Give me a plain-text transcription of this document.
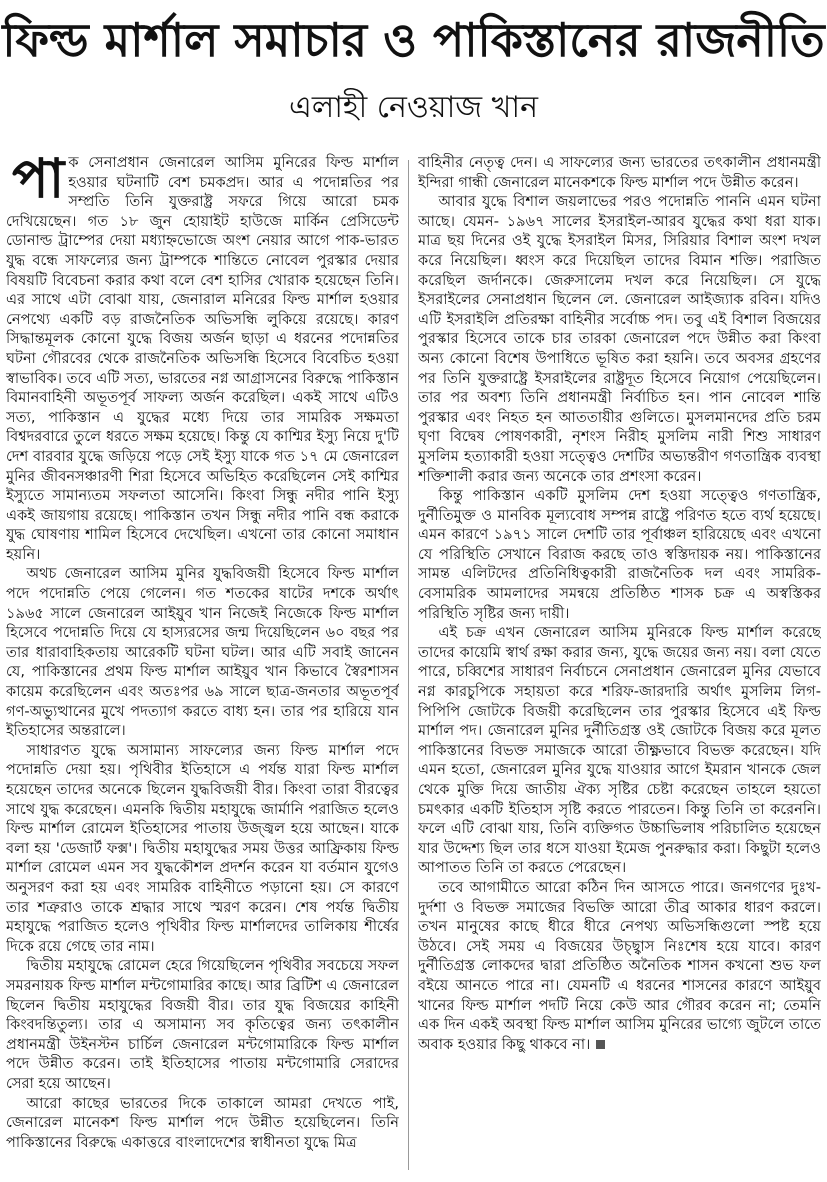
ফিল্ড মার্শাল সমাচার ও পাকিস্তানের রাজনীতি
এলাহী নেওয়াজ খান

পাক সেনাপ্রধান জেনারেল আসিম মুনিরের ফিল্ড মার্শাল হওয়ার ঘটনাটি বেশ চমকপ্রদ। আর এ পদোন্নতির পর সম্প্রতি তিনি যুক্তরাষ্ট্র সফরে গিয়ে আরো চমক দেখিয়েছেন। গত ১৮ জুন হোয়াইট হাউজে মার্কিন প্রেসিডেন্ট ডোনাল্ড ট্রাম্পের দেয়া মধ্যাহ্নভোজে অংশ নেয়ার আগে পাক-ভারত যুদ্ধ বন্ধে সাফল্যের জন্য ট্রাম্পকে শান্তিতে নোবেল পুরস্কার দেয়ার বিষয়টি বিবেচনা করার কথা বলে বেশ হাসির খোরাক হয়েছেন তিনি। এর সাথে এটা বোঝা যায়, জেনারাল মনিরের ফিল্ড মার্শাল হওয়ার নেপথ্যে একটি বড় রাজনৈতিক অভিসন্ধি লুকিয়ে রয়েছে। কারণ সিদ্ধান্তমূলক কোনো যুদ্ধে বিজয় অর্জন ছাড়া এ ধরনের পদোন্নতির ঘটনা গৌরবের থেকে রাজনৈতিক অভিসন্ধি হিসেবে বিবেচিত হওয়া স্বাভাবিক। তবে এটি সত্য, ভারতের নগ্ন আগ্রাসনের বিরুদ্ধে পাকিস্তান বিমানবাহিনী অভূতপূর্ব সাফল্য অর্জন করেছিল। একই সাথে এটিও সত্য, পাকিস্তান এ যুদ্ধের মধ্যে দিয়ে তার সামরিক সক্ষমতা বিশ্বদরবারে তুলে ধরতে সক্ষম হয়েছে। কিন্তু যে কাশ্মির ইস্যু নিয়ে দু'টি দেশ বারবার যুদ্ধে জড়িয়ে পড়ে সেই ইস্যু যাকে গত ১৭ মে জেনারেল মুনির জীবনসঞ্চারণী শিরা হিসেবে অভিহিত করেছিলেন সেই কাশ্মির ইস্যুতে সামান্যতম সফলতা আসেনি। কিংবা সিন্ধু নদীর পানি ইস্যু একই জায়গায় রয়েছে। পাকিস্তান তখন সিন্ধু নদীর পানি বন্ধ করাকে যুদ্ধ ঘোষণায় শামিল হিসেবে দেখেছিল। এখনো তার কোনো সমাধান হয়নি।

অথচ জেনারেল আসিম মুনির যুদ্ধবিজয়ী হিসেবে ফিল্ড মার্শাল পদে পদোন্নতি পেয়ে গেলেন। গত শতকের ষাটের দশকে অর্থাৎ ১৯৬৫ সালে জেনারেল আইয়ুব খান নিজেই নিজেকে ফিল্ড মার্শাল হিসেবে পদোন্নতি দিয়ে যে হাস্যরসের জন্ম দিয়েছিলেন ৬০ বছর পর তার ধারাবাহিকতায় আরেকটি ঘটনা ঘটল। আর এটি সবাই জানেন যে, পাকিস্তানের প্রথম ফিল্ড মার্শাল আইয়ুব খান কিভাবে স্বৈরশাসন কায়েম করেছিলেন এবং অতঃপর ৬৯ সালে ছাত্র-জনতার অভূতপূর্ব গণ-অভ্যুত্থানের মুখে পদত্যাগ করতে বাধ্য হন। তার পর হারিয়ে যান ইতিহাসের অন্তরালে।

সাধারণত যুদ্ধে অসামান্য সাফল্যের জন্য ফিল্ড মার্শাল পদে পদোন্নতি দেয়া হয়। পৃথিবীর ইতিহাসে এ পর্যন্ত যারা ফিল্ড মার্শাল হয়েছেন তাদের অনেকে ছিলেন যুদ্ধবিজয়ী বীর। কিংবা তারা বীরত্বের সাথে যুদ্ধ করেছেন। এমনকি দ্বিতীয় মহাযুদ্ধে জার্মানি পরাজিত হলেও ফিল্ড মার্শাল রোমেল ইতিহাসের পাতায় উজ্জ্বল হয়ে আছেন। যাকে বলা হয় 'ডেজার্ট ফক্স'। দ্বিতীয় মহাযুদ্ধের সময় উত্তর আফ্রিকায় ফিল্ড মার্শাল রোমেল এমন সব যুদ্ধকৌশল প্রদর্শন করেন যা বর্তমান যুগেও অনুসরণ করা হয় এবং সামরিক বাহিনীতে পড়ানো হয়। সে কারণে তার শত্রুরাও তাকে শ্রদ্ধার সাথে স্মরণ করেন। শেষ পর্যন্ত দ্বিতীয় মহাযুদ্ধে পরাজিত হলেও পৃথিবীর ফিল্ড মার্শালদের তালিকায় শীর্ষের দিকে রয়ে গেছে তার নাম।

দ্বিতীয় মহাযুদ্ধে রোমেল হেরে গিয়েছিলেন পৃথিবীর সবচেয়ে সফল সমরনায়ক ফিল্ড মার্শাল মন্টগোমারির কাছে। আর ব্রিটিশ এ জেনারেল ছিলেন দ্বিতীয় মহাযুদ্ধের বিজয়ী বীর। তার যুদ্ধ বিজয়ের কাহিনী কিংবদন্তিতুল্য। তার এ অসামান্য সব কৃতিত্বের জন্য তৎকালীন প্রধানমন্ত্রী উইনস্টন চার্চিল জেনারেল মন্টগোমারিকে ফিল্ড মার্শাল পদে উন্নীত করেন। তাই ইতিহাসের পাতায় মন্টগোমারি সেরাদের সেরা হয়ে আছেন।

আরো কাছের ভারতের দিকে তাকালে আমরা দেখতে পাই, জেনারেল মানেকশ ফিল্ড মার্শাল পদে উন্নীত হয়েছিলেন। তিনি পাকিস্তানের বিরুদ্ধে একাত্তরে বাংলাদেশের স্বাধীনতা যুদ্ধে মিত্র

বাহিনীর নেতৃত্ব দেন। এ সাফল্যের জন্য ভারতের তৎকালীন প্রধানমন্ত্রী ইন্দিরা গান্ধী জেনারেল মানেকশকে ফিল্ড মার্শাল পদে উন্নীত করেন।

আবার যুদ্ধে বিশাল জয়লাভের পরও পদোন্নতি পাননি এমন ঘটনা আছে। যেমন- ১৯৬৭ সালের ইসরাইল-আরব যুদ্ধের কথা ধরা যাক। মাত্র ছয় দিনের ওই যুদ্ধে ইসরাইল মিসর, সিরিয়ার বিশাল অংশ দখল করে নিয়েছিল। ধ্বংস করে দিয়েছিল তাদের বিমান শক্তি। পরাজিত করেছিল জর্দানকে। জেরুসালেম দখল করে নিয়েছিল। সে যুদ্ধে ইসরাইলের সেনাপ্রধান ছিলেন লে. জেনারেল আইজ্যাক রবিন। যদিও এটি ইসরাইলি প্রতিরক্ষা বাহিনীর সর্বোচ্চ পদ। তবু এই বিশাল বিজয়ের পুরস্কার হিসেবে তাকে চার তারকা জেনারেল পদে উন্নীত করা কিংবা অন্য কোনো বিশেষ উপাধিতে ভূষিত করা হয়নি। তবে অবসর গ্রহণের পর তিনি যুক্তরাষ্ট্রে ইসরাইলের রাষ্ট্রদূত হিসেবে নিয়োগ পেয়েছিলেন। তার পর অবশ্য তিনি প্রধানমন্ত্রী নির্বাচিত হন। পান নোবেল শান্তি পুরস্কার এবং নিহত হন আততায়ীর গুলিতে। মুসলমানদের প্রতি চরম ঘৃণা বিদ্বেষ পোষণকারী, নৃশংস নিরীহ মুসলিম নারী শিশু সাধারণ মুসলিম হত্যাকারী হওয়া সত্ত্বেও দেশটির অভ্যন্তরীণ গণতান্ত্রিক ব্যবস্থা শক্তিশালী করার জন্য অনেকে তার প্রশংসা করেন।

কিন্তু পাকিস্তান একটি মুসলিম দেশ হওয়া সত্ত্বেও গণতান্ত্রিক, দুর্নীতিমুক্ত ও মানবিক মূল্যবোধ সম্পন্ন রাষ্ট্রে পরিণত হতে ব্যর্থ হয়েছে। এমন কারণে ১৯৭১ সালে দেশটি তার পূর্বাঞ্চল হারিয়েছে এবং এখনো যে পরিস্থিতি সেখানে বিরাজ করছে তাও স্বস্তিদায়ক নয়। পাকিস্তানের সামন্ত এলিটদের প্রতিনিধিত্বকারী রাজনৈতিক দল এবং সামরিক-বেসামরিক আমলাদের সমন্বয়ে প্রতিষ্ঠিত শাসক চক্র এ অস্বস্তিকর পরিস্থিতি সৃষ্টির জন্য দায়ী।

এই চক্র এখন জেনারেল আসিম মুনিরকে ফিল্ড মার্শাল করেছে তাদের কায়েমি স্বার্থ রক্ষা করার জন্য, যুদ্ধে জয়ের জন্য নয়। বলা যেতে পারে, চব্বিশের সাধারণ নির্বাচনে সেনাপ্রধান জেনারেল মুনির যেভাবে নগ্ন কারচুপিকে সহায়তা করে শরিফ-জারদারি অর্থাৎ মুসলিম লিগ-পিপিপি জোটকে বিজয়ী করেছিলেন তার পুরস্কার হিসেবে এই ফিল্ড মার্শাল পদ। জেনারেল মুনির দুর্নীতিগ্রস্ত ওই জোটকে বিজয় করে মূলত পাকিস্তানের বিভক্ত সমাজকে আরো তীক্ষ্ণভাবে বিভক্ত করেছেন। যদি এমন হতো, জেনারেল মুনির যুদ্ধে যাওয়ার আগে ইমরান খানকে জেল থেকে মুক্তি দিয়ে জাতীয় ঐক্য সৃষ্টির চেষ্টা করেছেন তাহলে হয়তো চমৎকার একটি ইতিহাস সৃষ্টি করতে পারতেন। কিন্তু তিনি তা করেননি। ফলে এটি বোঝা যায়, তিনি ব্যক্তিগত উচ্চাভিলাষ পরিচালিত হয়েছেন যার উদ্দেশ্য ছিল তার ধসে যাওয়া ইমেজ পুনরুদ্ধার করা। কিছুটা হলেও আপাতত তিনি তা করতে পেরেছেন।

তবে আগামীতে আরো কঠিন দিন আসতে পারে। জনগণের দুঃখ-দুর্দশা ও বিভক্ত সমাজের বিভক্তি আরো তীব্র আকার ধারণ করলে। তখন মানুষের কাছে ধীরে ধীরে নেপথ্য অভিসন্ধিগুলো স্পষ্ট হয়ে উঠবে। সেই সময় এ বিজয়ের উচ্ছ্বাস নিঃশেষ হয়ে যাবে। কারণ দুর্নীতিগ্রস্ত লোকদের দ্বারা প্রতিষ্ঠিত অনৈতিক শাসন কখনো শুভ ফল বইয়ে আনতে পারে না। যেমনটি এ ধরনের শাসনের কারণে আইয়ুব খানের ফিল্ড মার্শাল পদটি নিয়ে কেউ আর গৌরব করেন না; তেমনি এক দিন একই অবস্থা ফিল্ড মার্শাল আসিম মুনিরের ভাগ্যে জুটলে তাতে অবাক হওয়ার কিছু থাকবে না।
